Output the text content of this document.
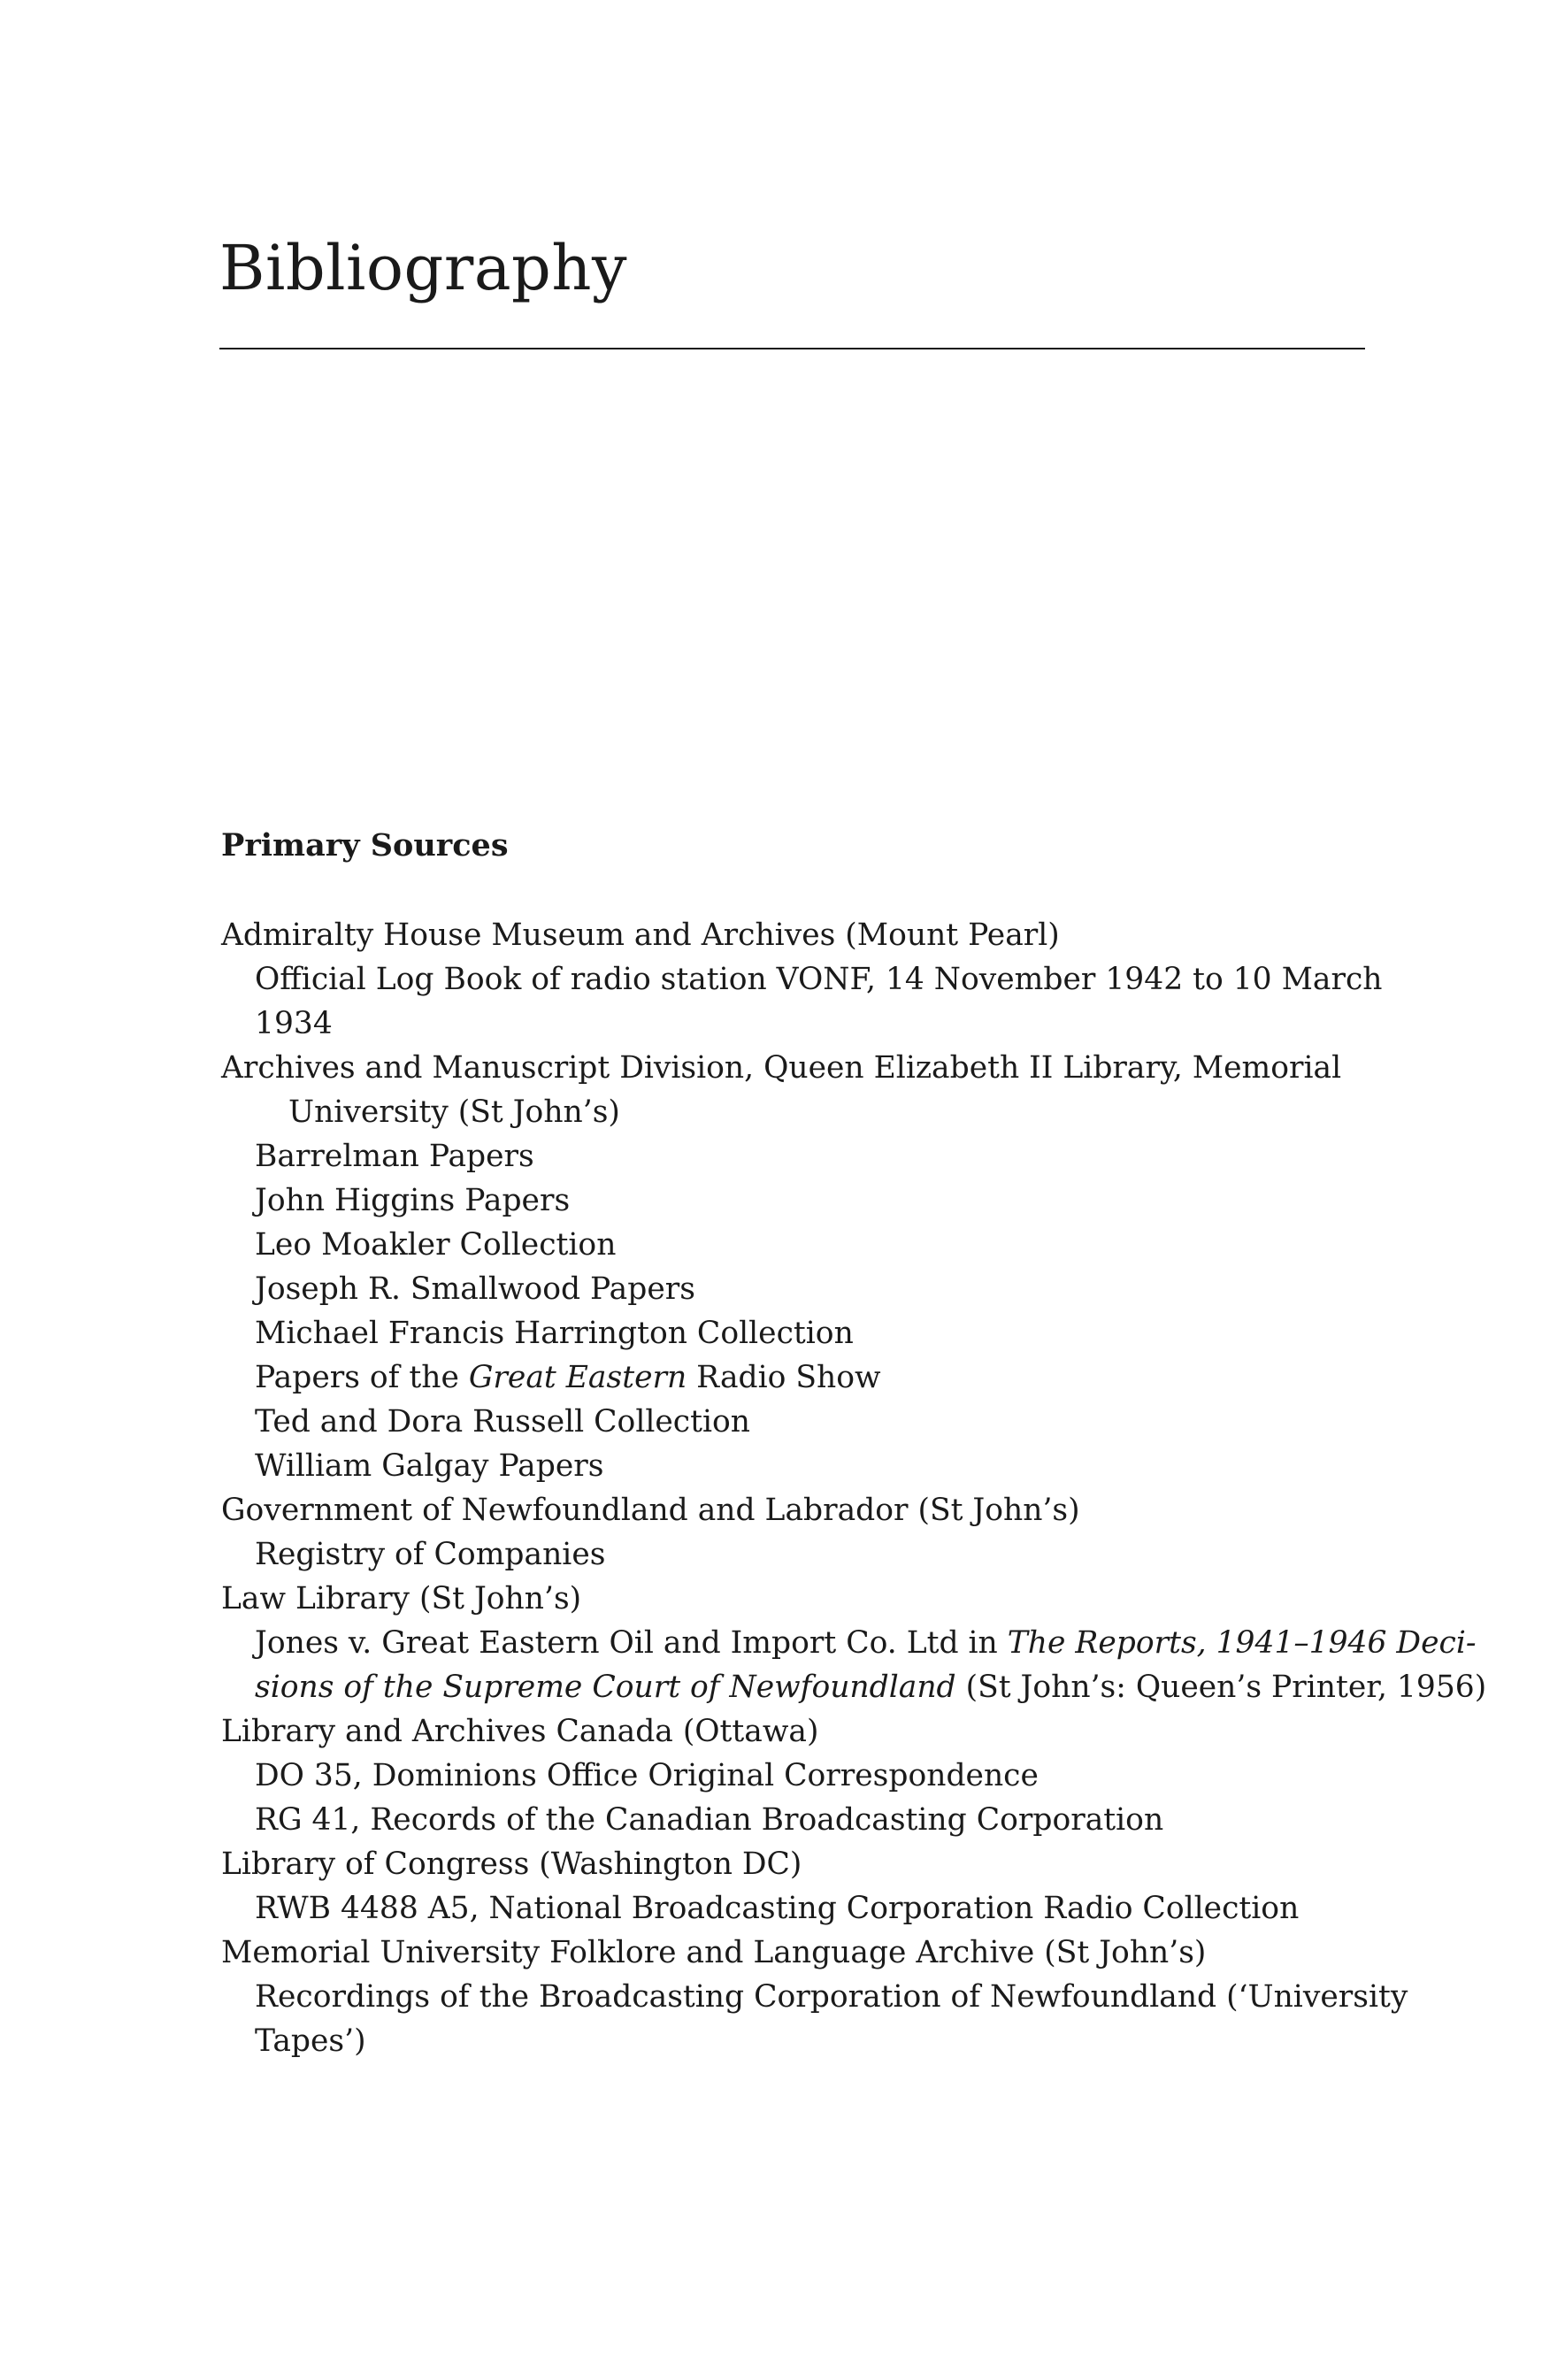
Bibliography
Primary Sources
Admiralty House Museum and Archives (Mount Pearl)
Official Log Book of radio station VONF, 14 November 1942 to 10 March
1934
Archives and Manuscript Division, Queen Elizabeth II Library, Memorial
University (St John’s)
Barrelman Papers
John Higgins Papers
Leo Moakler Collection
Joseph R. Smallwood Papers
Michael Francis Harrington Collection
Papers of the Great Eastern Radio Show
Ted and Dora Russell Collection
William Galgay Papers
Government of Newfoundland and Labrador (St John’s)
Registry of Companies
Law Library (St John’s)
Jones v. Great Eastern Oil and Import Co. Ltd in The Reports, 1941–1946 Deci-
sions of the Supreme Court of Newfoundland (St John’s: Queen’s Printer, 1956)
Library and Archives Canada (Ottawa)
DO 35, Dominions Office Original Correspondence
RG 41, Records of the Canadian Broadcasting Corporation
Library of Congress (Washington DC)
RWB 4488 A5, National Broadcasting Corporation Radio Collection
Memorial University Folklore and Language Archive (St John’s)
Recordings of the Broadcasting Corporation of Newfoundland (‘University
Tapes’)
